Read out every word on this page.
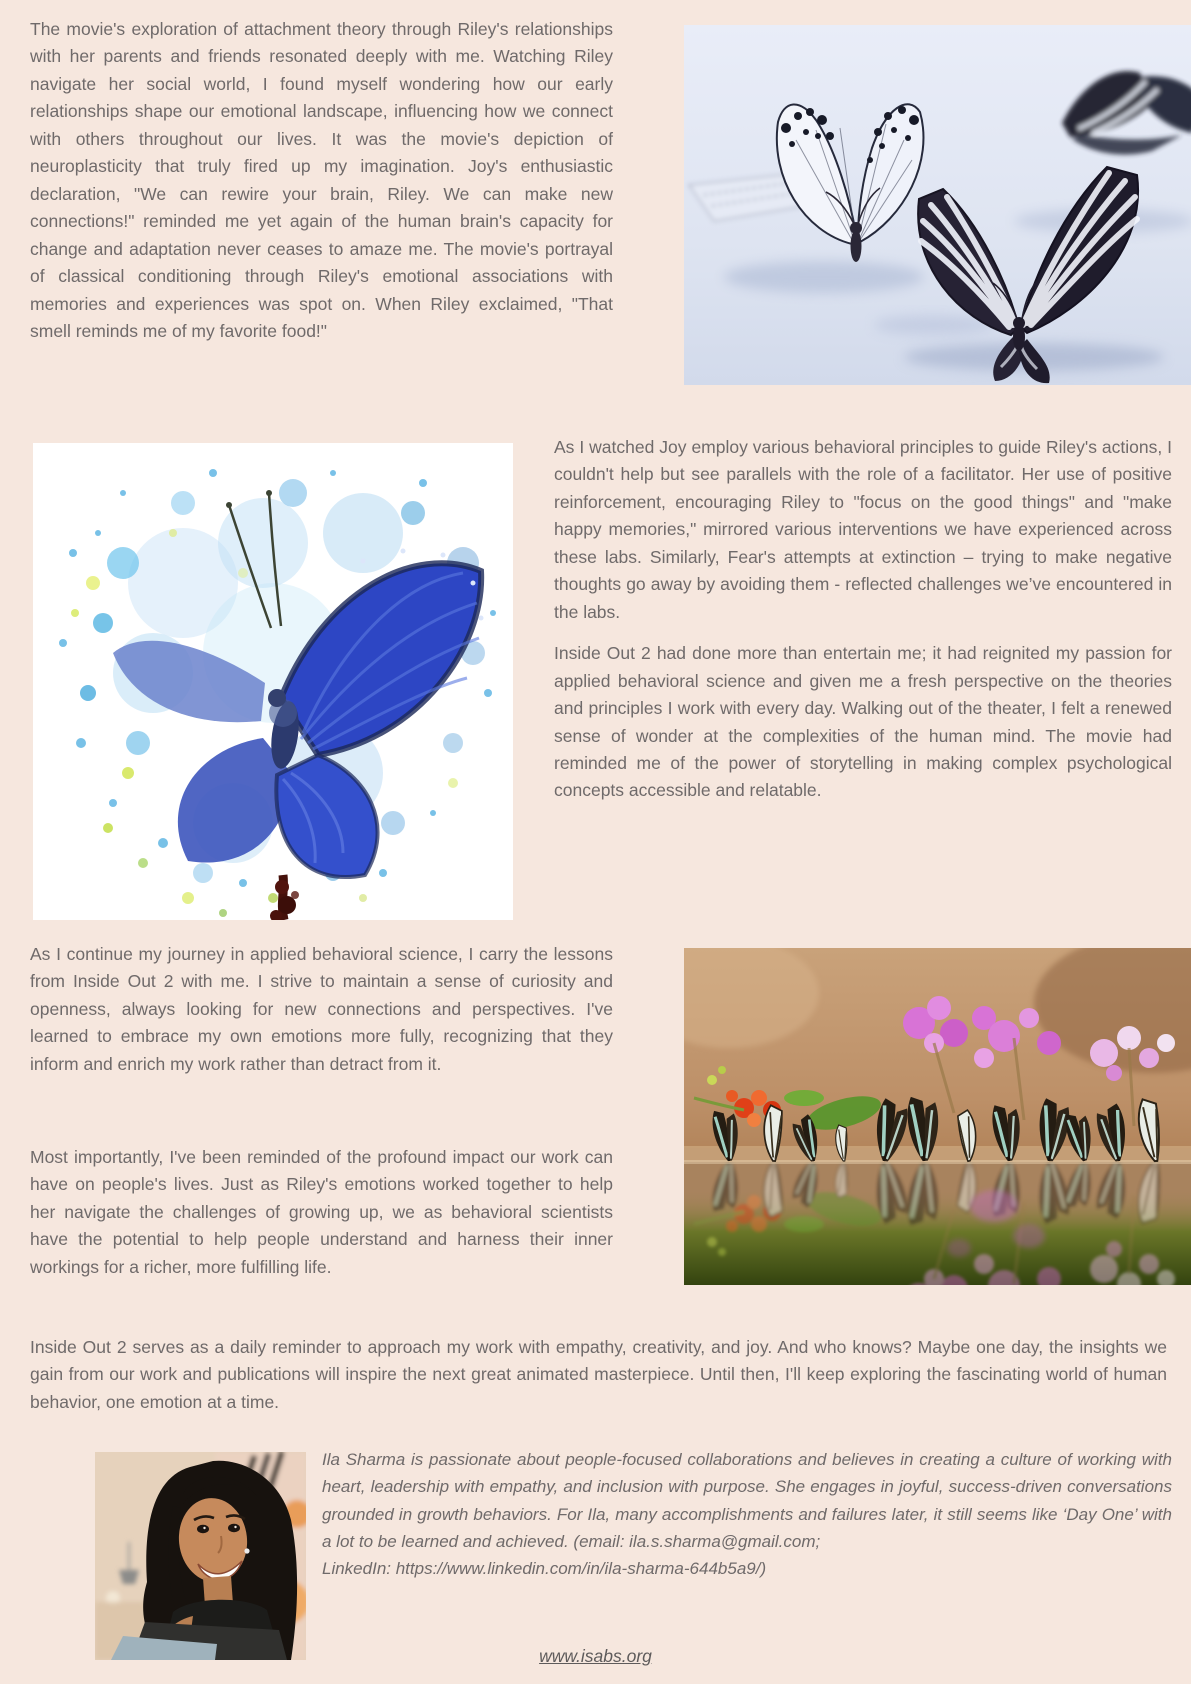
The movie's exploration of attachment theory through Riley's relationships with her parents and friends resonated deeply with me. Watching Riley navigate her social world, I found myself wondering how our early relationships shape our emotional landscape, influencing how we connect with others throughout our lives. It was the movie's depiction of neuroplasticity that truly fired up my imagination. Joy's enthusiastic declaration, "We can rewire your brain, Riley. We can make new connections!" reminded me yet again of the human brain's capacity for change and adaptation never ceases to amaze me. The movie's portrayal of classical conditioning through Riley's emotional associations with memories and experiences was spot on. When Riley exclaimed, "That smell reminds me of my favorite food!"

As I watched Joy employ various behavioral principles to guide Riley's actions, I couldn't help but see parallels with the role of a facilitator. Her use of positive reinforcement, encouraging Riley to "focus on the good things" and "make happy memories," mirrored various interventions we have experienced across these labs. Similarly, Fear's attempts at extinction – trying to make negative thoughts go away by avoiding them - reflected challenges we’ve encountered in the labs.

Inside Out 2 had done more than entertain me; it had reignited my passion for applied behavioral science and given me a fresh perspective on the theories and principles I work with every day. Walking out of the theater, I felt a renewed sense of wonder at the complexities of the human mind. The movie had reminded me of the power of storytelling in making complex psychological concepts accessible and relatable.

As I continue my journey in applied behavioral science, I carry the lessons from Inside Out 2 with me. I strive to maintain a sense of curiosity and openness, always looking for new connections and perspectives. I've learned to embrace my own emotions more fully, recognizing that they inform and enrich my work rather than detract from it.

Most importantly, I've been reminded of the profound impact our work can have on people's lives. Just as Riley's emotions worked together to help her navigate the challenges of growing up, we as behavioral scientists have the potential to help people understand and harness their inner workings for a richer, more fulfilling life.

Inside Out 2 serves as a daily reminder to approach my work with empathy, creativity, and joy. And who knows? Maybe one day, the insights we gain from our work and publications will inspire the next great animated masterpiece. Until then, I'll keep exploring the fascinating world of human behavior, one emotion at a time.

Ila Sharma is passionate about people-focused collaborations and believes in creating a culture of working with heart, leadership with empathy, and inclusion with purpose. She engages in joyful, success-driven conversations grounded in growth behaviors. For Ila, many accomplishments and failures later, it still seems like ‘Day One’ with a lot to be learned and achieved. (email: ila.s.sharma@gmail.com;
LinkedIn: https://www.linkedin.com/in/ila-sharma-644b5a9/)

www.isabs.org
